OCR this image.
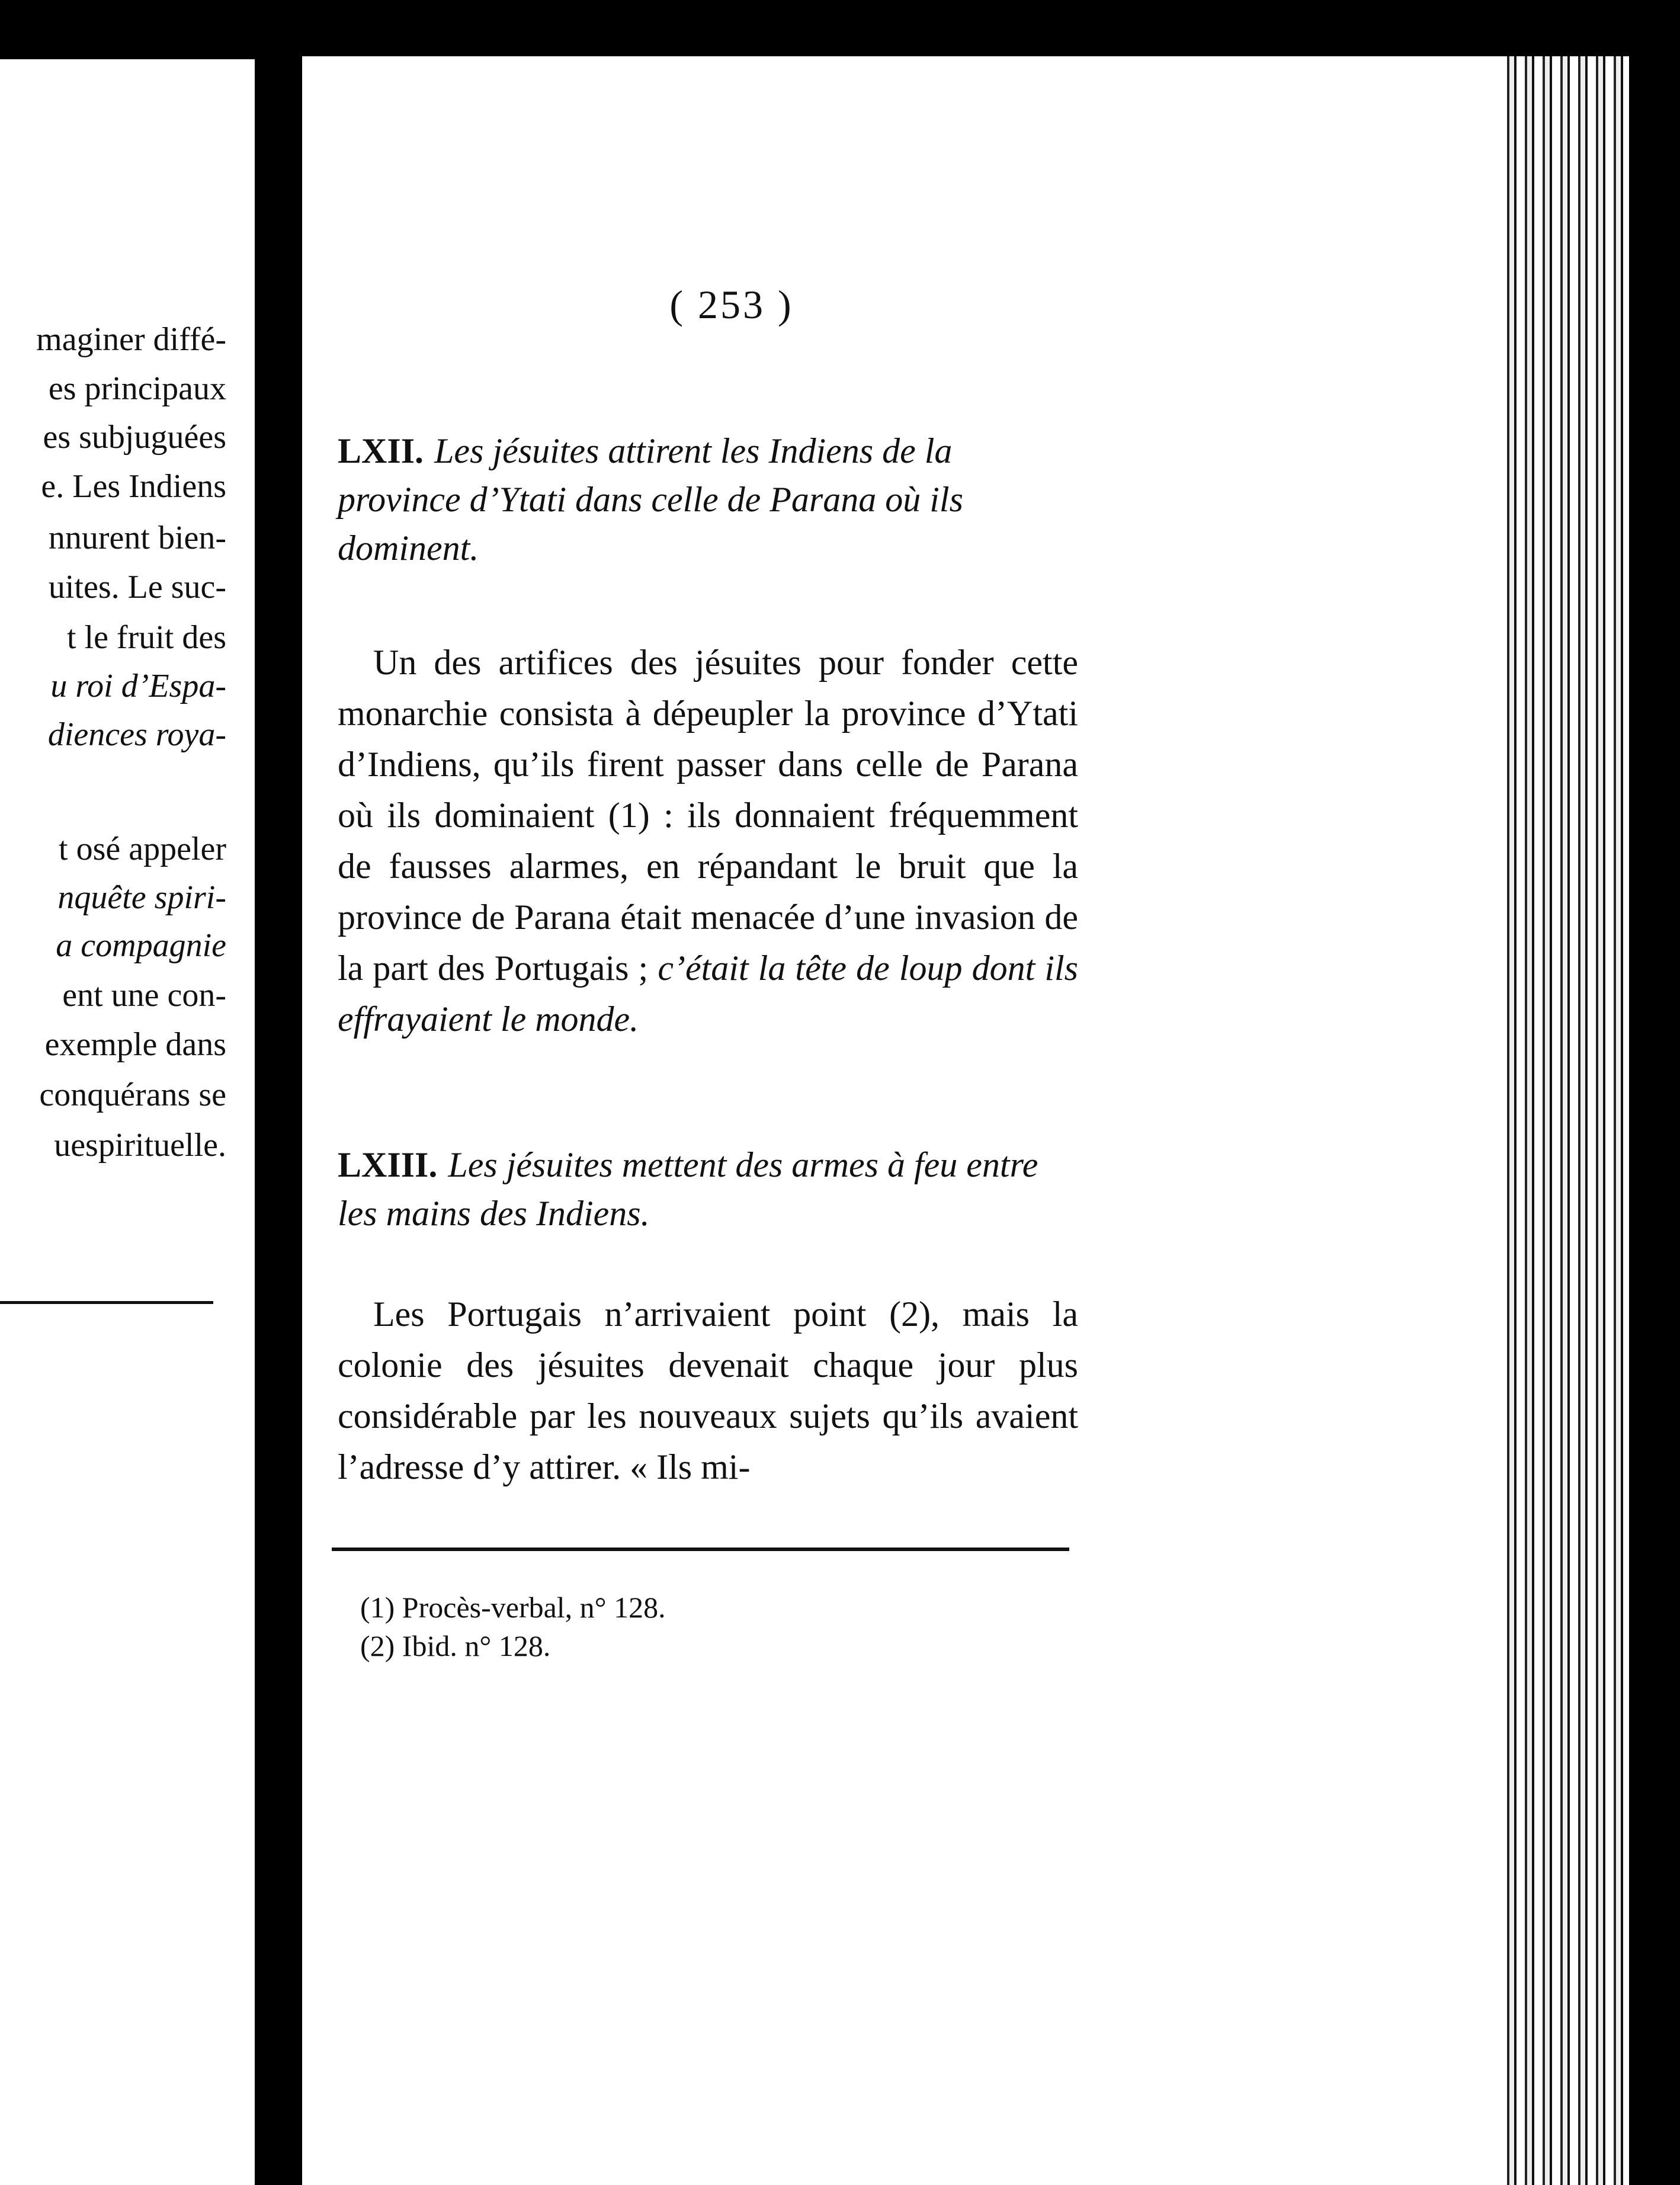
maginer diffé-
es principaux
es subjuguées
e. Les Indiens
nnurent bien-
uites. Le suc-
t le fruit des
u roi d’Espa-
diences roya-
t osé appeler
nquête spiri-
a compagnie
ent une con-
exemple dans
conquérans se
uespirituelle.
( 253 )
LXII. Les jésuites attirent les Indiens de la province d’Ytati dans celle de Parana où ils dominent.
Un des artifices des jésuites pour fonder cette monarchie consista à dépeupler la province d’Ytati d’Indiens, qu’ils firent passer dans celle de Parana où ils dominaient (1) : ils donnaient fréquemment de fausses alarmes, en répandant le bruit que la province de Parana était menacée d’une invasion de la part des Portugais ; c’était la tête de loup dont ils effrayaient le monde.
LXIII. Les jésuites mettent des armes à feu entre les mains des Indiens.
Les Portugais n’arrivaient point (2), mais la colonie des jésuites devenait chaque jour plus considérable par les nouveaux sujets qu’ils avaient l’adresse d’y attirer. « Ils mi-
(1) Procès-verbal, n° 128.
(2) Ibid. n° 128.
